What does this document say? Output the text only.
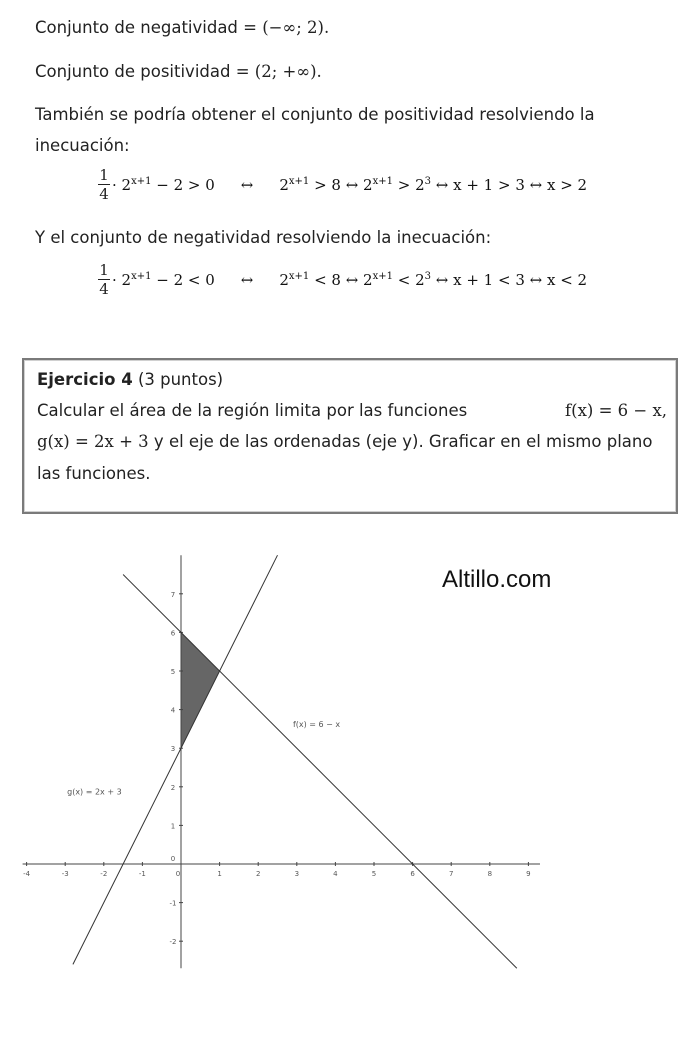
Conjunto de negatividad = (−∞; 2).
Conjunto de positividad = (2; +∞).
También se podría obtener el conjunto de positividad resolviendo la
inecuación:
1
$4 \cdot 2^{x+1} - 2 > 0$ ↔ $2^{x+1} > 8$ ↔ $2^{x+1} > 2^3$ ↔ x + 1 > 3 ↔ x > 2
Y el conjunto de negatividad resolviendo la inecuación:
1
$4 \cdot 2^{x+1} - 2 < 0$ ↔ $2^{x+1} < 8$ ↔ $2^{x+1} < 2^3$ ↔ x + 1 < 3 ↔ x < 2
Ejercicio 4 (3 puntos)
Calcular el área de la región limita por las funciones	f(x) = 6 − x,
g(x) = 2x + 3 y el eje de las ordenadas (eje y). Graficar en el mismo plano
las funciones.
-4	-3	-2	-1	0	1	2	3	4	5	6	7	8	9
7
6
5
4
3
2
1
0
-1
-2
f(x) = 6 − x
g(x) = 2x + 3
Altillo.com
